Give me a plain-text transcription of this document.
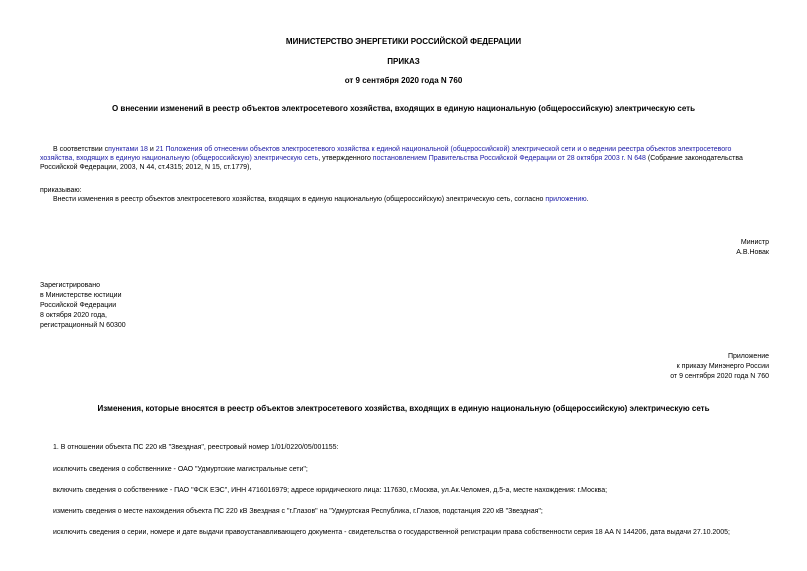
МИНИСТЕРСТВО ЭНЕРГЕТИКИ РОССИЙСКОЙ ФЕДЕРАЦИИ
ПРИКАЗ
от 9 сентября 2020 года N 760
О внесении изменений в реестр объектов электросетевого хозяйства, входящих в единую национальную (общероссийскую) электрическую сеть
В соответствии спунктами 18 и 21 Положения об отнесении объектов электросетевого хозяйства к единой национальной (общероссийской) электрической сети и о ведении реестра объектов электросетевого
хозяйства, входящих в единую национальную (общероссийскую) электрическую сеть, утвержденного постановлением Правительства Российской Федерации от 28 октября 2003 г. N 648 (Собрание законодательства
Российской Федерации, 2003, N 44, ст.4315; 2012, N 15, ст.1779),
приказываю:
Внести изменения в реестр объектов электросетевого хозяйства, входящих в единую национальную (общероссийскую) электрическую сеть, согласно приложению.
Министр
А.В.Новак
Зарегистрировано
в Министерстве юстиции
Российской Федерации
8 октября 2020 года,
регистрационный N 60300
Приложение
к приказу Минэнерго России
от 9 сентября 2020 года N 760
Изменения, которые вносятся в реестр объектов электросетевого хозяйства, входящих в единую национальную (общероссийскую) электрическую сеть
1. В отношении объекта ПС 220 кВ "Звездная", реестровый номер 1/01/0220/05/001155:
исключить сведения о собственнике - ОАО "Удмуртские магистральные сети";
включить сведения о собственнике - ПАО "ФСК ЕЭС", ИНН 4716016979; адресе юридического лица: 117630, г.Москва, ул.Ак.Челомея, д.5-а, месте нахождения: г.Москва;
изменить сведения о месте нахождения объекта ПС 220 кВ Звездная с "г.Глазов" на "Удмуртская Республика, г.Глазов, подстанция 220 кВ "Звездная";
исключить сведения о серии, номере и дате выдачи правоустанавливающего документа - свидетельства о государственной регистрации права собственности серия 18 АА N 144206, дата выдачи 27.10.2005;
